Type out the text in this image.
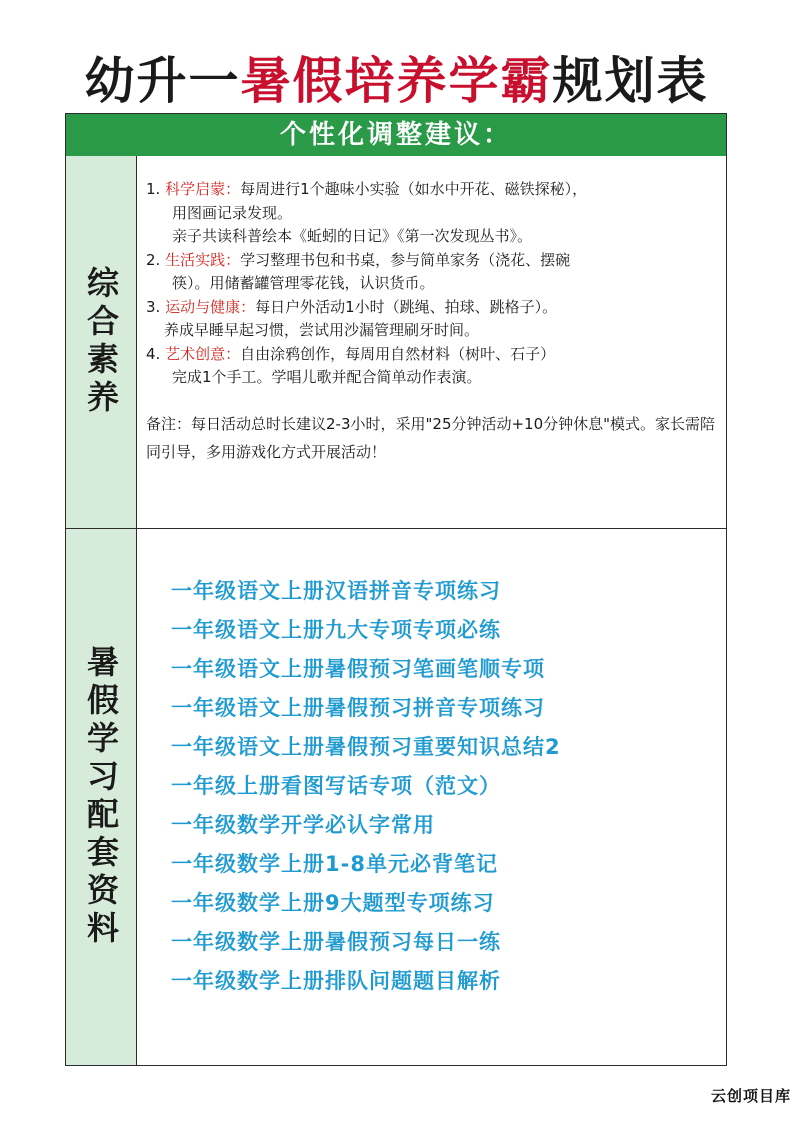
幼升一暑假培养学霸规划表
个性化调整建议：
综合素养
1. 科学启蒙：每周进行1个趣味小实验（如水中开花、磁铁探秘），
用图画记录发现。
亲子共读科普绘本《蚯蚓的日记》《第一次发现丛书》。
2. 生活实践：学习整理书包和书桌，参与简单家务（浇花、摆碗
筷）。用储蓄罐管理零花钱，认识货币。
3. 运动与健康：每日户外活动1小时（跳绳、拍球、跳格子）。
养成早睡早起习惯，尝试用沙漏管理刷牙时间。
4. 艺术创意：自由涂鸦创作，每周用自然材料（树叶、石子）
完成1个手工。学唱儿歌并配合简单动作表演。
备注：每日活动总时长建议2-3小时，采用"25分钟活动+10分钟休息"模式。家长需陪同引导，多用游戏化方式开展活动！
暑假学习配套资料
一年级语文上册汉语拼音专项练习
一年级语文上册九大专项专项必练
一年级语文上册暑假预习笔画笔顺专项
一年级语文上册暑假预习拼音专项练习
一年级语文上册暑假预习重要知识总结2
一年级上册看图写话专项（范文）
一年级数学开学必认字常用
一年级数学上册1-8单元必背笔记
一年级数学上册9大题型专项练习
一年级数学上册暑假预习每日一练
一年级数学上册排队问题题目解析
云创项目库
